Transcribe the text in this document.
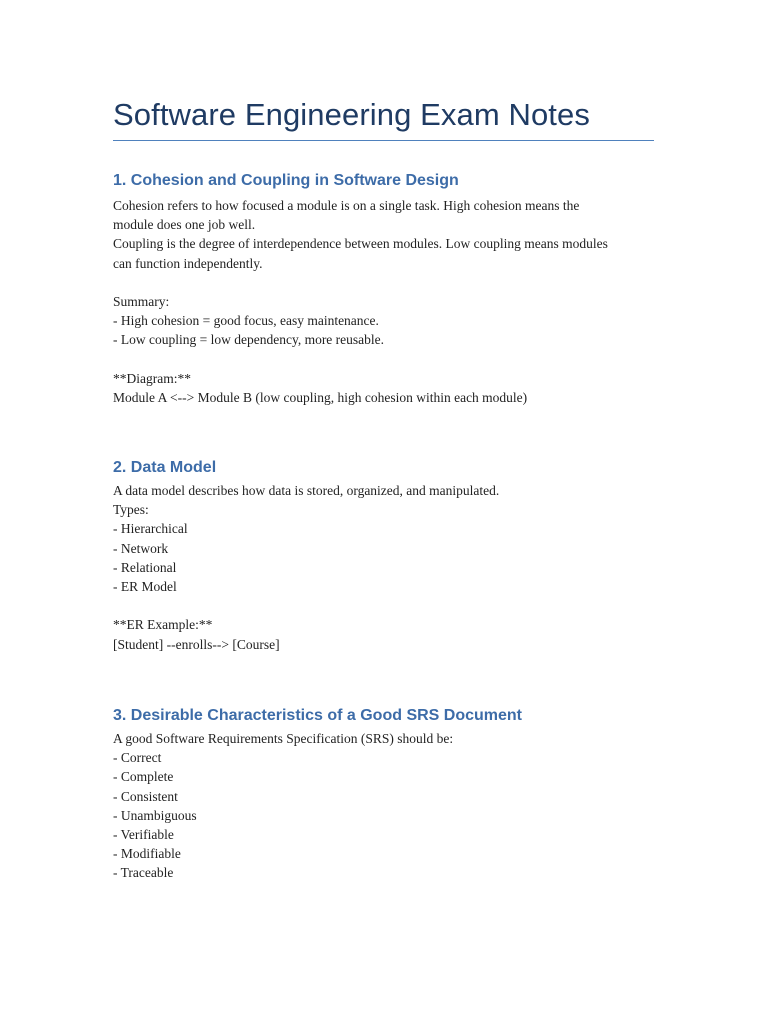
Software Engineering Exam Notes
1. Cohesion and Coupling in Software Design

Cohesion refers to how focused a module is on a single task. High cohesion means the

module does one job well.

Coupling is the degree of interdependence between modules. Low coupling means modules

can function independently.

Summary:

- High cohesion = good focus, easy maintenance.

- Low coupling = low dependency, more reusable.

**Diagram:**

Module A <--> Module B (low coupling, high cohesion within each module)

2. Data Model

A data model describes how data is stored, organized, and manipulated.

Types:

- Hierarchical

- Network

- Relational

- ER Model

**ER Example:**

[Student] --enrolls--> [Course]

3. Desirable Characteristics of a Good SRS Document

A good Software Requirements Specification (SRS) should be:

- Correct

- Complete

- Consistent

- Unambiguous

- Verifiable

- Modifiable

- Traceable
